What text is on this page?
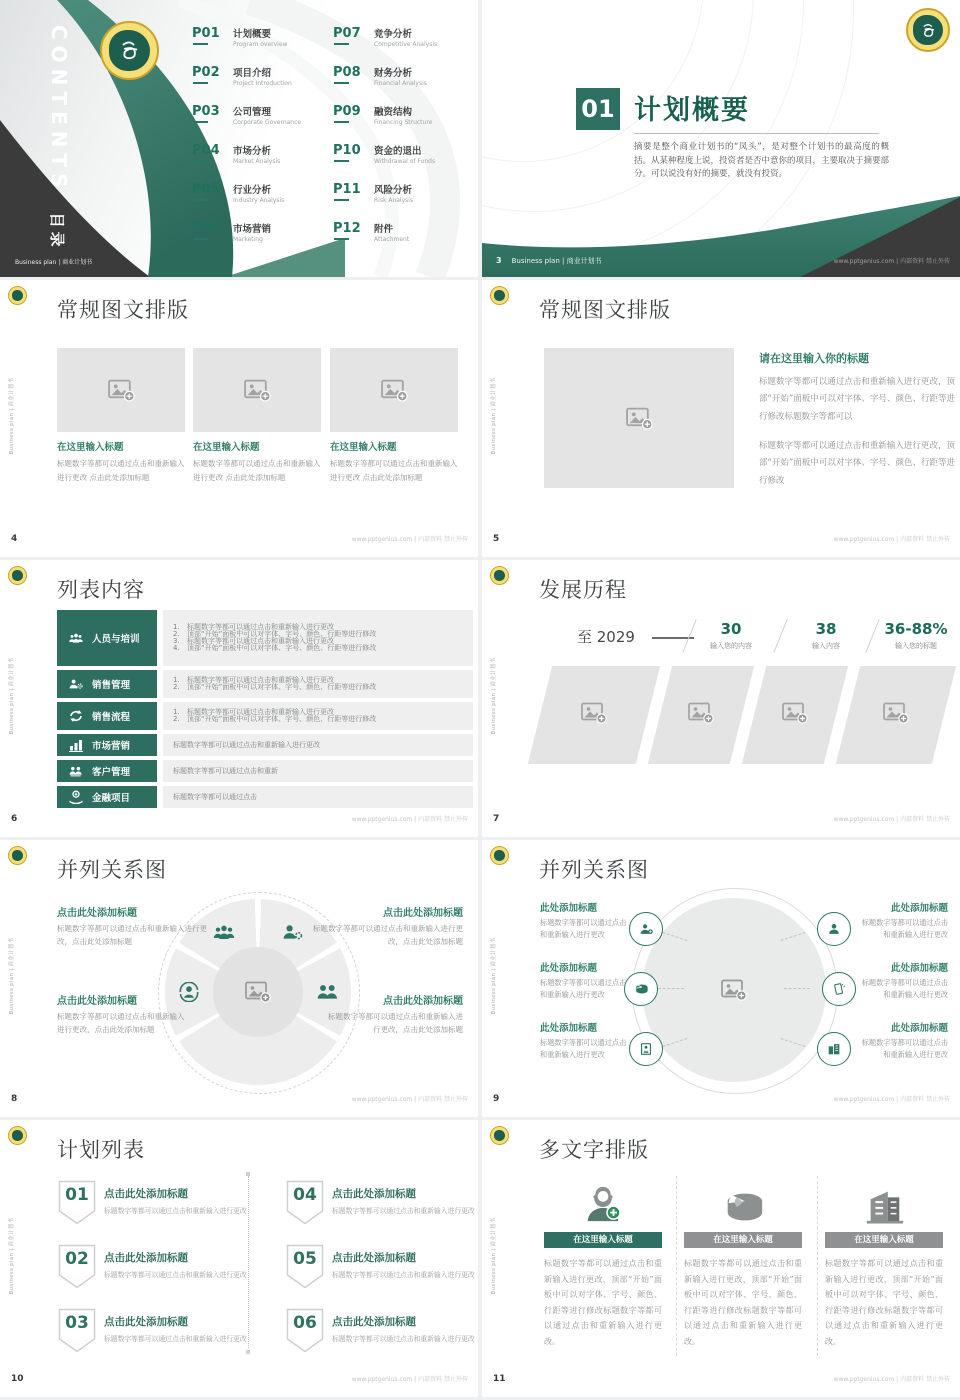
CONTENTS 目录
P01	计划概要
Program overview
P02	项目介绍
Project Introduction
P03	公司管理
Corporate Governance
P04	市场分析
Market Analysis
P05	行业分析
Industry Analysis
P06	市场营销
Marketing
P07	竞争分析
Competitive Analysis
P08	财务分析
Financial Analysis
P09	融资结构
Financing Structure
P10	资金的退出
Withdrawal of Funds
P11	风险分析
Risk Analysis
P12	附件
Attachment
Business plan | 商业计划书
01 计划概要
摘要是整个商业计划书的“凤头”，是对整个计划书的最高度的概括。从某种程度上说，投资者是否中意你的项目，主要取决于摘要部分。可以说没有好的摘要，就没有投资。
3 Business plan | 商业计划书	www.pptgenius.com | 内部资料 禁止外传
Business plan | 商业计划书
常规图文排版
在这里输入标题

标题数字等都可以通过点击和重新输入进行更改 点击此处添加标题

在这里输入标题

标题数字等都可以通过点击和重新输入进行更改 点击此处添加标题

在这里输入标题

标题数字等都可以通过点击和重新输入进行更改 点击此处添加标题

4	www.pptgenius.com | 内部资料 禁止外传
Business plan | 商业计划书
常规图文排版
请在这里输入你的标题

标题数字等都可以通过点击和重新输入进行更改，顶部“开始”面板中可以对字体、字号、颜色、行距等进行修改标题数字等都可以

标题数字等都可以通过点击和重新输入进行更改，顶部“开始”面板中可以对字体、字号、颜色、行距等进行修改

5	www.pptgenius.com | 内部资料 禁止外传
Business plan | 商业计划书
列表内容
人员与培训
1.	标题数字等都可以通过点击和重新输入进行更改
2.	顶部“开始”面板中可以对字体、字号、颜色、行距等进行修改
3.	标题数字等都可以通过点击和重新输入进行更改
4.	顶部“开始”面板中可以对字体、字号、颜色、行距等进行修改
销售管理	1.	标题数字等都可以通过点击和重新输入进行更改
2.	顶部“开始”面板中可以对字体、字号、颜色、行距等进行修改
销售流程	1.	标题数字等都可以通过点击和重新输入进行更改
2.	顶部“开始”面板中可以对字体、字号、颜色、行距等进行修改
市场营销	标题数字等都可以通过点击和重新输入进行更改
客户管理	标题数字等都可以通过点击和重新
金融项目	标题数字等都可以通过点击
6	www.pptgenius.com | 内部资料 禁止外传
Business plan | 商业计划书
发展历程
至 2029	30
输入您的内容
38
输入内容
36-88%
输入您的标题
7	www.pptgenius.com | 内部资料 禁止外传
Business plan | 商业计划书
并列关系图
点击此处添加标题

标题数字等都可以通过点击和重新输入进行更改，点击此处添加标题

点击此处添加标题

标题数字等都可以通过点击和重新输入进行更改，点击此处添加标题

点击此处添加标题

标题数字等都可以通过点击和重新输入进行更改，点击此处添加标题

点击此处添加标题

标题数字等都可以通过点击和重新输入进行更改，点击此处添加标题

8	www.pptgenius.com | 内部资料 禁止外传
Business plan | 商业计划书
并列关系图
此处添加标题

标题数字等都可以通过点击和重新输入进行更改

此处添加标题

标题数字等都可以通过点击和重新输入进行更改

此处添加标题

标题数字等都可以通过点击和重新输入进行更改

此处添加标题

标题数字等都可以通过点击和重新输入进行更改

此处添加标题

标题数字等都可以通过点击和重新输入进行更改

此处添加标题

标题数字等都可以通过点击和重新输入进行更改

9	www.pptgenius.com | 内部资料 禁止外传
Business plan | 商业计划书
计划列表
01	点击此处添加标题

标题数字等都可以通过点击和重新输入进行更改

02	点击此处添加标题

标题数字等都可以通过点击和重新输入进行更改

03	点击此处添加标题

标题数字等都可以通过点击和重新输入进行更改

04	点击此处添加标题

标题数字等都可以通过点击和重新输入进行更改

05	点击此处添加标题

标题数字等都可以通过点击和重新输入进行更改

06	点击此处添加标题

标题数字等都可以通过点击和重新输入进行更改

10	www.pptgenius.com | 内部资料 禁止外传
Business plan | 商业计划书
多文字排版
在这里输入标题
标题数字等都可以通过点击和重新输入进行更改，顶部“开始”面板中可以对字体、字号、颜色、行距等进行修改标题数字等都可以通过点击和重新输入进行更改。
在这里输入标题
标题数字等都可以通过点击和重新输入进行更改，顶部“开始”面板中可以对字体、字号、颜色、行距等进行修改标题数字等都可以通过点击和重新输入进行更改。
在这里输入标题
标题数字等都可以通过点击和重新输入进行更改，顶部“开始”面板中可以对字体、字号、颜色、行距等进行修改标题数字等都可以通过点击和重新输入进行更改。
11	www.pptgenius.com | 内部资料 禁止外传
